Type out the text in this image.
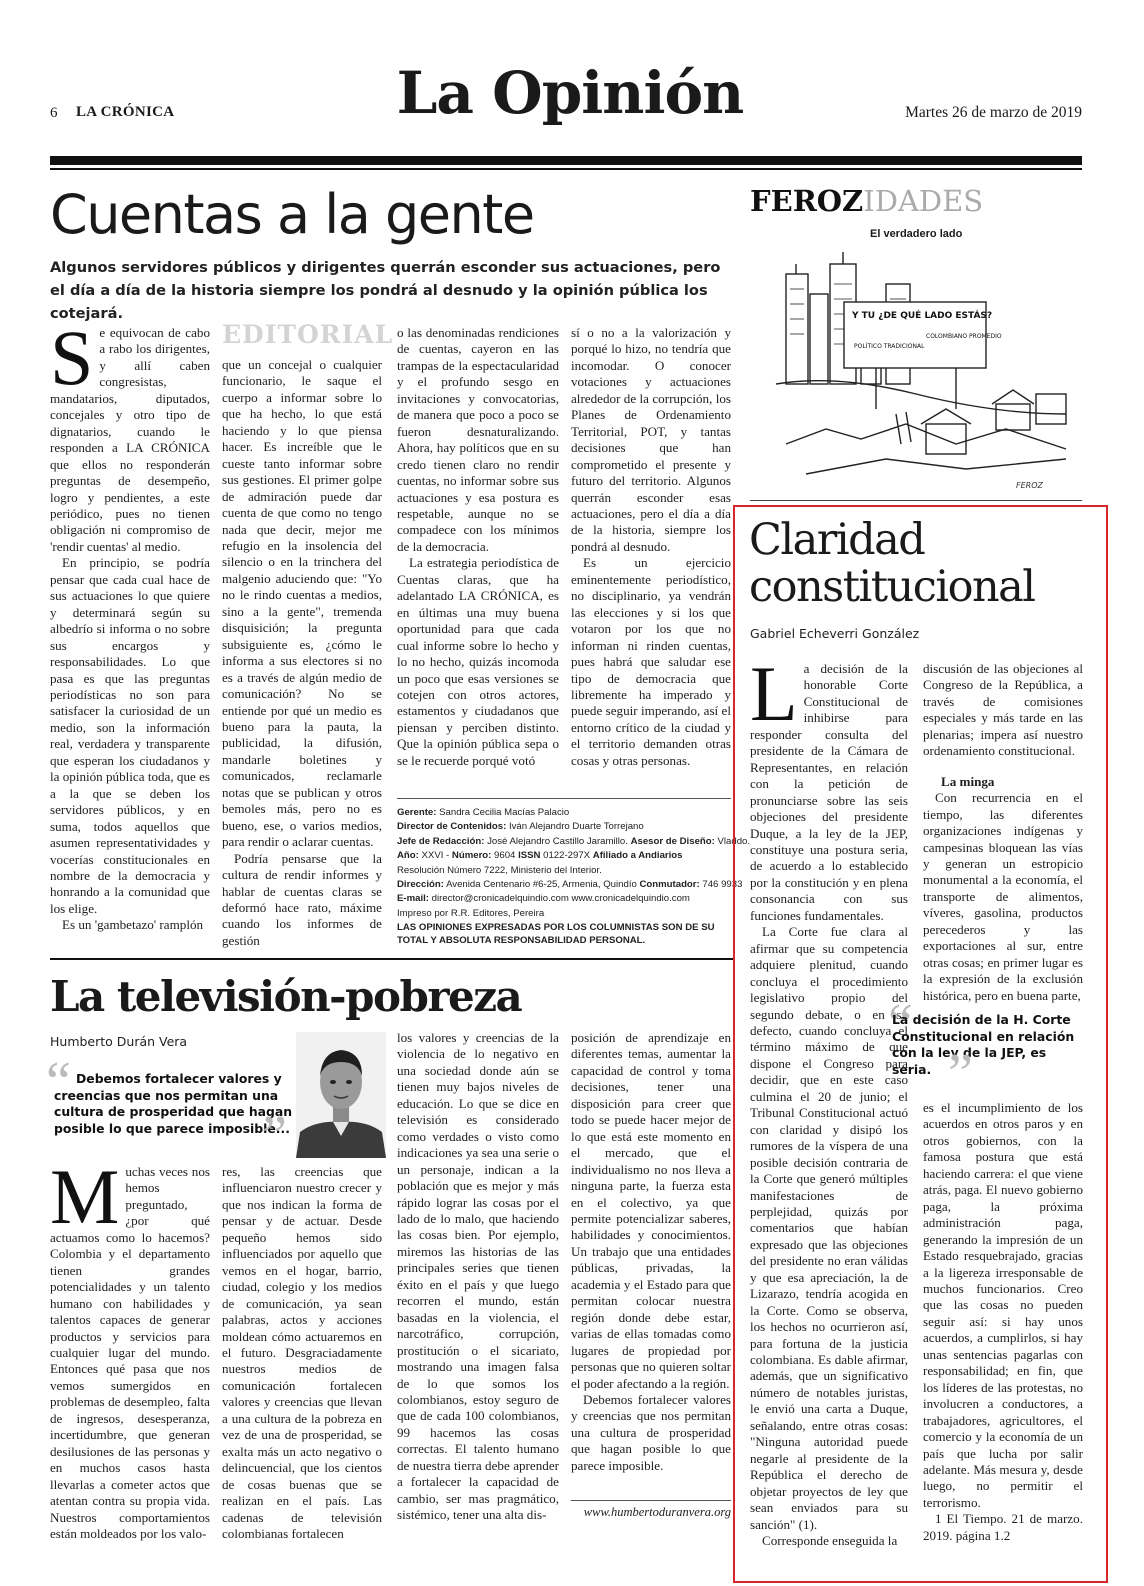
6 LA CRÓNICA	La Opinión	Martes 26 de marzo de 2019
Cuentas a la gente
Algunos servidores públicos y dirigentes querrán esconder sus actuaciones, pero el día a día de la historia siempre los pondrá al desnudo y la opinión pública los cotejará.
S e equivocan de cabo a rabo los dirigentes, y allí caben congresistas, mandatarios, diputados, concejales y otro tipo de dignatarios, cuando le responden a LA CRÓNICA que ellos no responderán preguntas de desempeño, logro y pendientes, a este periódico, pues no tienen obligación ni compromiso de 'rendir cuentas' al medio.

En principio, se podría pensar que cada cual hace de sus actuaciones lo que quiere y determinará según su albedrío si informa o no sobre sus encargos y responsabilidades. Lo que pasa es que las preguntas periodísticas no son para satisfacer la curiosidad de un medio, son la información real, verdadera y transparente que esperan los ciudadanos y la opinión pública toda, que es a la que se deben los servidores públicos, y en suma, todos aquellos que asumen representatividades y vocerías constitucionales en nombre de la democracia y honrando a la comunidad que los elige.

Es un 'gambetazo' ramplón

EDITORIAL

que un concejal o cualquier funcionario, le saque el cuerpo a informar sobre lo que ha hecho, lo que está haciendo y lo que piensa hacer. Es increíble que le cueste tanto informar sobre sus gestiones. El primer golpe de admiración puede dar cuenta de que como no tengo nada que decir, mejor me refugio en la insolencia del silencio o en la trinchera del malgenio aduciendo que: "Yo no le rindo cuentas a medios, sino a la gente", tremenda disquisición; la pregunta subsiguiente es, ¿cómo le informa a sus electores si no es a través de algún medio de comunicación? No se entiende por qué un medio es bueno para la pauta, la publicidad, la difusión, mandarle boletines y comunicados, reclamarle notas que se publican y otros bemoles más, pero no es bueno, ese, o varios medios, para rendir o aclarar cuentas.

Podría pensarse que la cultura de rendir informes y hablar de cuentas claras se deformó hace rato, máxime cuando los informes de gestión

o las denominadas rendiciones de cuentas, cayeron en las trampas de la espectacularidad y el profundo sesgo en invitaciones y convocatorias, de manera que poco a poco se fueron desnaturalizando. Ahora, hay políticos que en su credo tienen claro no rendir cuentas, no informar sobre sus actuaciones y esa postura es respetable, aunque no se compadece con los mínimos de la democracia.

La estrategia periodística de Cuentas claras, que ha adelantado LA CRÓNICA, es en últimas una muy buena oportunidad para que cada cual informe sobre lo hecho y lo no hecho, quizás incomoda un poco que esas versiones se cotejen con otros actores, estamentos y ciudadanos que piensan y perciben distinto. Que la opinión pública sepa o se le recuerde porqué votó

sí o no a la valorización y porqué lo hizo, no tendría que incomodar. O conocer votaciones y actuaciones alrededor de la corrupción, los Planes de Ordenamiento Territorial, POT, y tantas decisiones que han comprometido el presente y futuro del territorio. Algunos querrán esconder esas actuaciones, pero el día a día de la historia, siempre los pondrá al desnudo.

Es un ejercicio eminentemente periodístico, no disciplinario, ya vendrán las elecciones y si los que votaron por los que no informan ni rinden cuentas, pues habrá que saludar ese tipo de democracia que libremente ha imperado y puede seguir imperando, así el entorno crítico de la ciudad y el territorio demanden otras cosas y otras personas.

Gerente: Sandra Cecilia Macías Palacio
Director de Contenidos: Iván Alejandro Duarte Torrejano
Jefe de Redacción: José Alejandro Castillo Jaramillo. Asesor de Diseño: Vladdo.
Año: XXVI - Número: 9604 ISSN 0122-297X Afiliado a Andiarios
Resolución Número 7222, Ministerio del Interior.
Dirección: Avenida Centenario #6-25, Armenia, Quindío Conmutador: 746 9933
E-mail: director@cronicadelquindio.com www.cronicadelquindio.com
Impreso por R.R. Editores, Pereira
LAS OPINIONES EXPRESADAS POR LOS COLUMNISTAS SON DE SU TOTAL Y ABSOLUTA RESPONSABILIDAD PERSONAL.
FEROZIDADES
El verdadero lado
Y TU ¿DE QUÉ LADO ESTÁS?
POLÍTICO TRADICIONAL
COLOMBIANO PROMEDIO
FEROZ
Claridad
constitucional
Gabriel Echeverri González
L a decisión de la honorable Corte Constitucional de inhibirse para responder consulta del presidente de la Cámara de Representantes, en relación con la petición de pronunciarse sobre las seis objeciones del presidente Duque, a la ley de la JEP, constituye una postura seria, de acuerdo a lo establecido por la constitución y en plena consonancia con sus funciones fundamentales.

La Corte fue clara al afirmar que su competencia adquiere plenitud, cuando concluya el procedimiento legislativo propio del segundo debate, o en su defecto, cuando concluya el término máximo de que dispone el Congreso para decidir, que en este caso culmina el 20 de junio; el Tribunal Constitucional actuó con claridad y disipó los rumores de la víspera de una posible decisión contraria de la Corte que generó múltiples manifestaciones de perplejidad, quizás por comentarios que habían expresado que las objeciones del presidente no eran válidas y que esa apreciación, la de Lizarazo, tendría acogida en la Corte. Como se observa, los hechos no ocurrieron así, para fortuna de la justicia colombiana. Es dable afirmar, además, que un significativo número de notables juristas, le envió una carta a Duque, señalando, entre otras cosas: "Ninguna autoridad puede negarle al presidente de la República el derecho de objetar proyectos de ley que sean enviados para su sanción" (1).

Corresponde enseguida la

discusión de las objeciones al Congreso de la República, a través de comisiones especiales y más tarde en las plenarias; impera así nuestro ordenamiento constitucional.

La minga

Con recurrencia en el tiempo, las diferentes organizaciones indígenas y campesinas bloquean las vías y generan un estropicio monumental a la economía, el transporte de alimentos, víveres, gasolina, productos perecederos y las exportaciones al sur, entre otras cosas; en primer lugar es la expresión de la exclusión histórica, pero en buena parte,

“
La decisión de la H. Corte Constitucional en relación con la ley de la JEP, es seria. ”

es el incumplimiento de los acuerdos en otros paros y en otros gobiernos, con la famosa postura que está haciendo carrera: el que viene atrás, paga. El nuevo gobierno paga, la próxima administración paga, generando la impresión de un Estado resquebrajado, gracias a la ligereza irresponsable de muchos funcionarios. Creo que las cosas no pueden seguir así: si hay unos acuerdos, a cumplirlos, si hay unas sentencias pagarlas con responsabilidad; en fin, que los líderes de las protestas, no involucren a conductores, a trabajadores, agricultores, el comercio y la economía de un país que lucha por salir adelante. Más mesura y, desde luego, no permitir el terrorismo.

1 El Tiempo. 21 de marzo. 2019. página 1.2

La televisión-pobreza
Humberto Durán Vera
“ Debemos fortalecer valores y creencias que nos permitan una cultura de prosperidad que hagan posible lo que parece imposible...
”
M uchas veces nos hemos preguntado, ¿por qué actuamos como lo hacemos? Colombia y el departamento tienen grandes potencialidades y un talento humano con habilidades y talentos capaces de generar productos y servicios para cualquier lugar del mundo. Entonces qué pasa que nos vemos sumergidos en problemas de desempleo, falta de ingresos, desesperanza, incertidumbre, que generan desilusiones de las personas y en muchos casos hasta llevarlas a cometer actos que atentan contra su propia vida. Nuestros comportamientos están moldeados por los valo-

res, las creencias que influenciaron nuestro crecer y que nos indican la forma de pensar y de actuar. Desde pequeño hemos sido influenciados por aquello que vemos en el hogar, barrio, ciudad, colegio y los medios de comunicación, ya sean palabras, actos y acciones moldean cómo actuaremos en el futuro. Desgraciadamente nuestros medios de comunicación fortalecen valores y creencias que llevan a una cultura de la pobreza en vez de una de prosperidad, se exalta más un acto negativo o delincuencial, que los cientos de cosas buenas que se realizan en el país. Las cadenas de televisión colombianas fortalecen

los valores y creencias de la violencia de lo negativo en una sociedad donde aún se tienen muy bajos niveles de educación. Lo que se dice en televisión es considerado como verdades o visto como indicaciones ya sea una serie o un personaje, indican a la población que es mejor y más rápido lograr las cosas por el lado de lo malo, que haciendo las cosas bien. Por ejemplo, miremos las historias de las principales series que tienen éxito en el país y que luego recorren el mundo, están basadas en la violencia, el narcotráfico, corrupción, prostitución o el sicariato, mostrando una imagen falsa de lo que somos los colombianos, estoy seguro de que de cada 100 colombianos, 99 hacemos las cosas correctas. El talento humano de nuestra tierra debe aprender a fortalecer la capacidad de cambio, ser mas pragmático, sistémico, tener una alta dis-

posición de aprendizaje en diferentes temas, aumentar la capacidad de control y toma decisiones, tener una disposición para creer que todo se puede hacer mejor de lo que está este momento en el mercado, que el individualismo no nos lleva a ninguna parte, la fuerza esta en el colectivo, ya que permite potencializar saberes, habilidades y conocimientos. Un trabajo que una entidades públicas, privadas, la academia y el Estado para que permitan colocar nuestra región donde debe estar, varias de ellas tomadas como lugares de propiedad por personas que no quieren soltar el poder afectando a la región.

Debemos fortalecer valores y creencias que nos permitan una cultura de prosperidad que hagan posible lo que parece imposible.

www.humbertoduranvera.org
